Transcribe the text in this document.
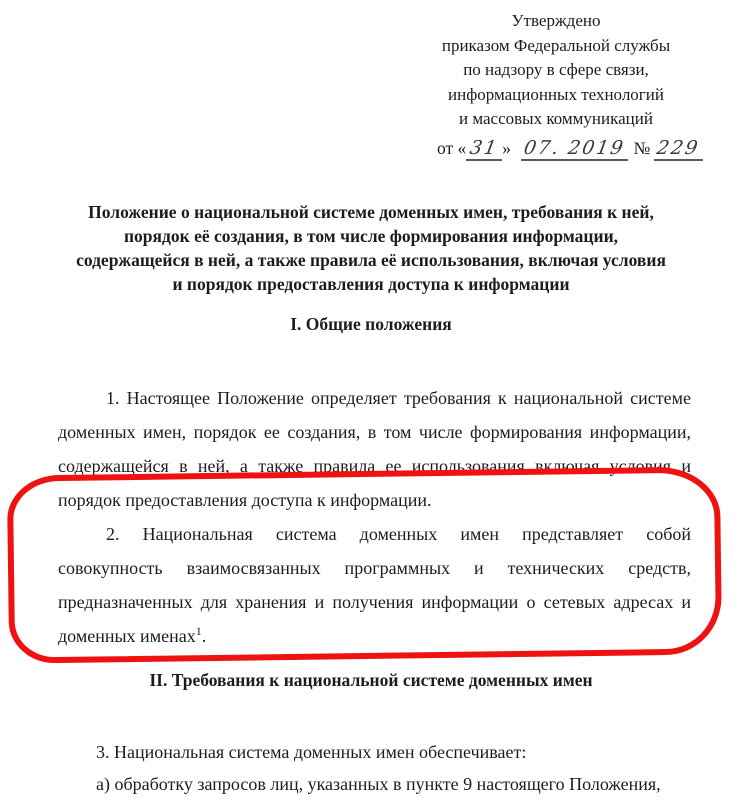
Утверждено
приказом Федеральной службы
по надзору в сфере связи,
информационных технологий
и массовых коммуникаций
от « 31 » 07. 2019 № 229
Положение о национальной системе доменных имен, требования к ней,
порядок её создания, в том числе формирования информации,
содержащейся в ней, а также правила её использования, включая условия
и порядок предоставления доступа к информации
I. Общие положения
1. Настоящее Положение определяет требования к национальной системе
доменных имен, порядок ее создания, в том числе формирования информации,
содержащейся в ней, а также правила ее использования включая условия и
порядок предоставления доступа к информации.
2. Национальная система доменных имен представляет собой
совокупность взаимосвязанных программных и технических средств,
предназначенных для хранения и получения информации о сетевых адресах и
доменных именах$^1$.
II. Требования к национальной системе доменных имен
3. Национальная система доменных имен обеспечивает:
а) обработку запросов лиц, указанных в пункте 9 настоящего Положения,
